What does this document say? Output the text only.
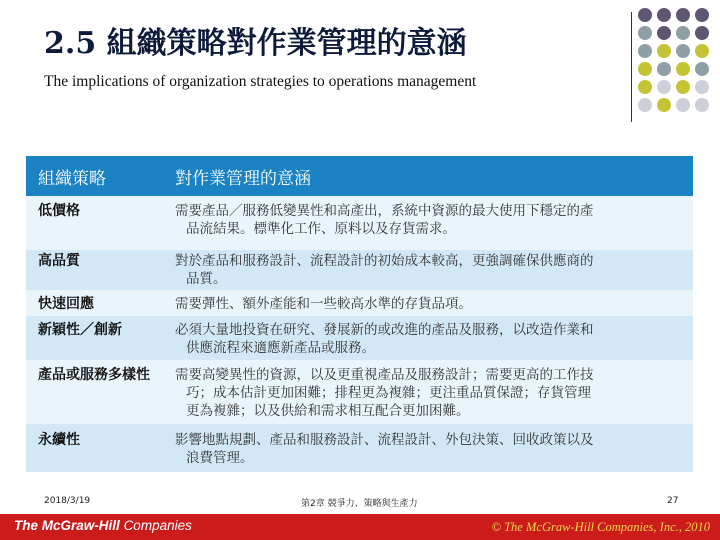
2.5 組織策略對作業管理的意涵
The implications of organization strategies to operations management
組織策略	對作業管理的意涵
低價格	需要產品／服務低變異性和高產出，系統中資源的最大使用下穩定的產
品流結果。標準化工作、原料以及存貨需求。
高品質	對於產品和服務設計、流程設計的初始成本較高，更強調確保供應商的
品質。
快速回應	需要彈性、額外產能和一些較高水準的存貨品項。
新穎性／創新	必須大量地投資在研究、發展新的或改進的產品及服務，以改造作業和
供應流程來適應新產品或服務。
產品或服務多樣性	需要高變異性的資源，以及更重視產品及服務設計；需要更高的工作技
巧；成本估計更加困難；排程更為複雜；更注重品質保證；存貨管理
更為複雜；以及供給和需求相互配合更加困難。
永續性	影響地點規劃、產品和服務設計、流程設計、外包決策、回收政策以及
浪費管理。
2018/3/19	第2章 競爭力、策略與生產力	27
The McGraw-Hill Companies	© The McGraw-Hill Companies, Inc., 2010
